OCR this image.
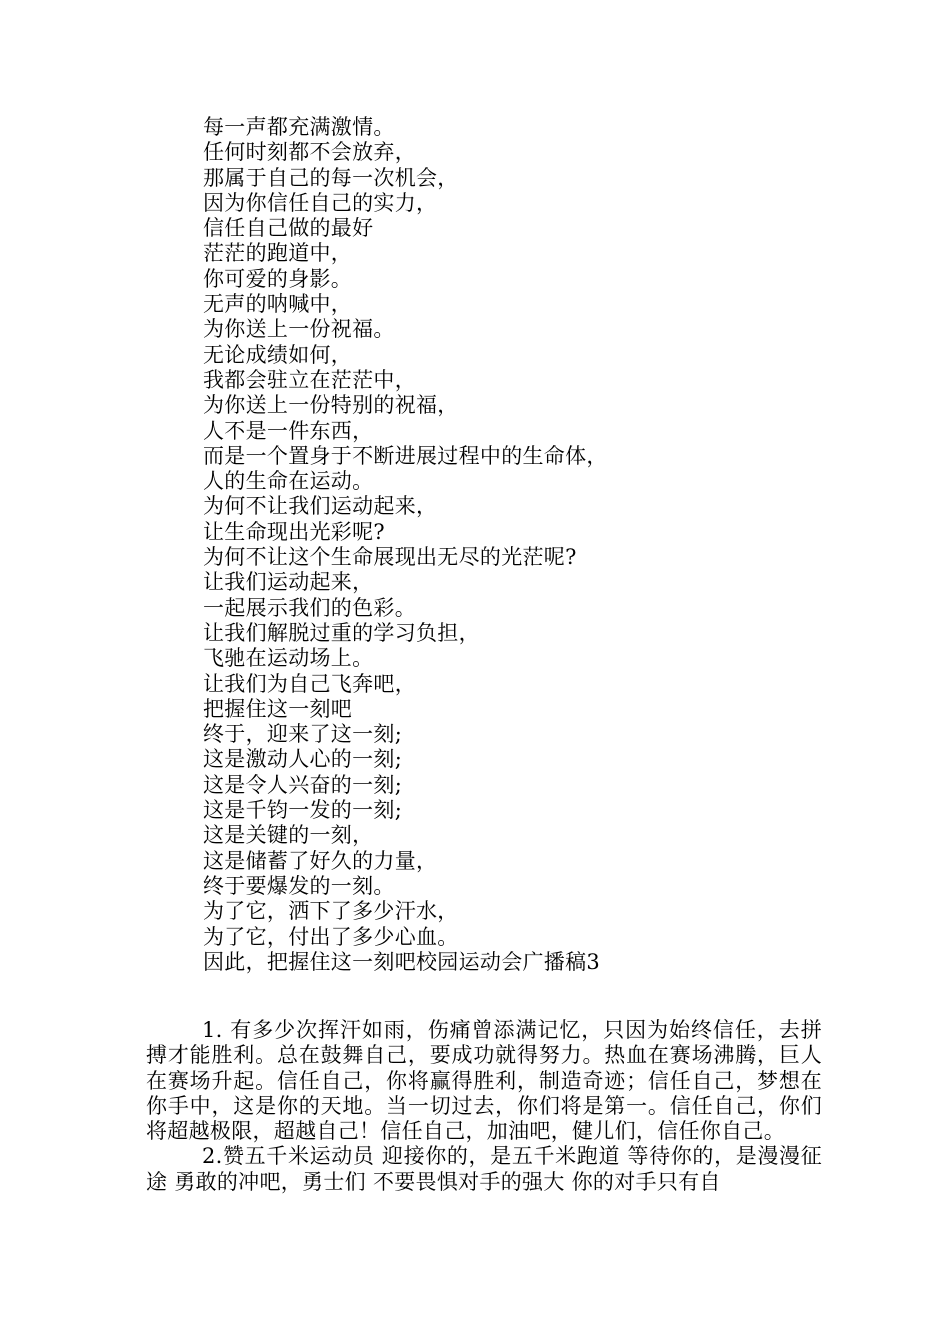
每一声都充满激情。
任何时刻都不会放弃，
那属于自己的每一次机会，
因为你信任自己的实力，
信任自己做的最好
茫茫的跑道中，
你可爱的身影。
无声的呐喊中，
为你送上一份祝福。
无论成绩如何，
我都会驻立在茫茫中，
为你送上一份特别的祝福，
人不是一件东西，
而是一个置身于不断进展过程中的生命体，
人的生命在运动。
为何不让我们运动起来，
让生命现出光彩呢?
为何不让这个生命展现出无尽的光茫呢?
让我们运动起来，
一起展示我们的色彩。
让我们解脱过重的学习负担，
飞驰在运动场上。
让我们为自己飞奔吧，
把握住这一刻吧
终于，迎来了这一刻;
这是激动人心的一刻;
这是令人兴奋的一刻;
这是千钧一发的一刻;
这是关键的一刻，
这是储蓄了好久的力量，
终于要爆发的一刻。
为了它，洒下了多少汗水，
为了它，付出了多少心血。
因此，把握住这一刻吧校园运动会广播稿3

1. 有多少次挥汗如雨，伤痛曾添满记忆，只因为始终信任，去拼搏才能胜利。总在鼓舞自己，要成功就得努力。热血在赛场沸腾，巨人在赛场升起。信任自己，你将赢得胜利，制造奇迹；信任自己，梦想在你手中，这是你的天地。当一切过去，你们将是第一。信任自己，你们将超越极限，超越自己！信任自己，加油吧，健儿们，信任你自己。

2.赞五千米运动员 迎接你的，是五千米跑道 等待你的，是漫漫征途 勇敢的冲吧，勇士们 不要畏惧对手的强大 你的对手只有自
